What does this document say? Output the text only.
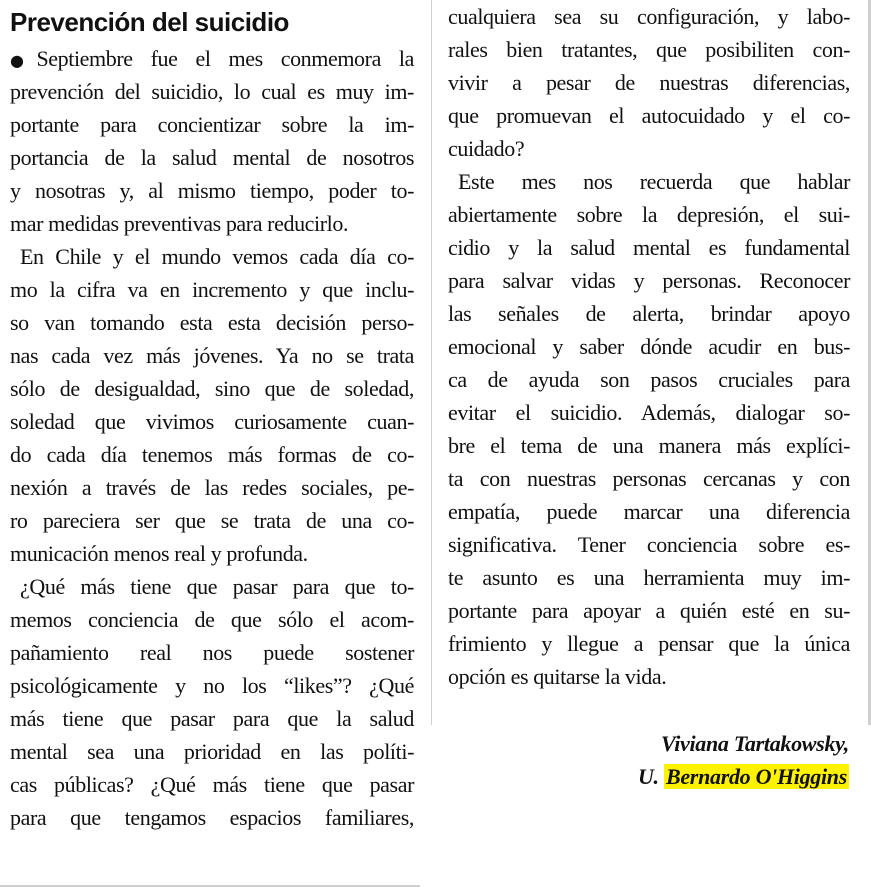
Prevención del suicidio
●Septiembre fue el mes conmemora la
prevención del suicidio, lo cual es muy im-
portante para concientizar sobre la im-
portancia de la salud mental de nosotros
y nosotras y, al mismo tiempo, poder to-
mar medidas preventivas para reducirlo.
En Chile y el mundo vemos cada día co-
mo la cifra va en incremento y que inclu-
so van tomando esta esta decisión perso-
nas cada vez más jóvenes. Ya no se trata
sólo de desigualdad, sino que de soledad,
soledad que vivimos curiosamente cuan-
do cada día tenemos más formas de co-
nexión a través de las redes sociales, pe-
ro pareciera ser que se trata de una co-
municación menos real y profunda.
¿Qué más tiene que pasar para que to-
memos conciencia de que sólo el acom-
pañamiento real nos puede sostener
psicológicamente y no los “likes”? ¿Qué
más tiene que pasar para que la salud
mental sea una prioridad en las políti-
cas públicas? ¿Qué más tiene que pasar
para que tengamos espacios familiares,
cualquiera sea su configuración, y labo-
rales bien tratantes, que posibiliten con-
vivir a pesar de nuestras diferencias,
que promuevan el autocuidado y el co-
cuidado?
Este mes nos recuerda que hablar
abiertamente sobre la depresión, el sui-
cidio y la salud mental es fundamental
para salvar vidas y personas. Reconocer
las señales de alerta, brindar apoyo
emocional y saber dónde acudir en bus-
ca de ayuda son pasos cruciales para
evitar el suicidio. Además, dialogar so-
bre el tema de una manera más explíci-
ta con nuestras personas cercanas y con
empatía, puede marcar una diferencia
significativa. Tener conciencia sobre es-
te asunto es una herramienta muy im-
portante para apoyar a quién esté en su-
frimiento y llegue a pensar que la única
opción es quitarse la vida.
Viviana Tartakowsky,
U. Bernardo O'Higgins
